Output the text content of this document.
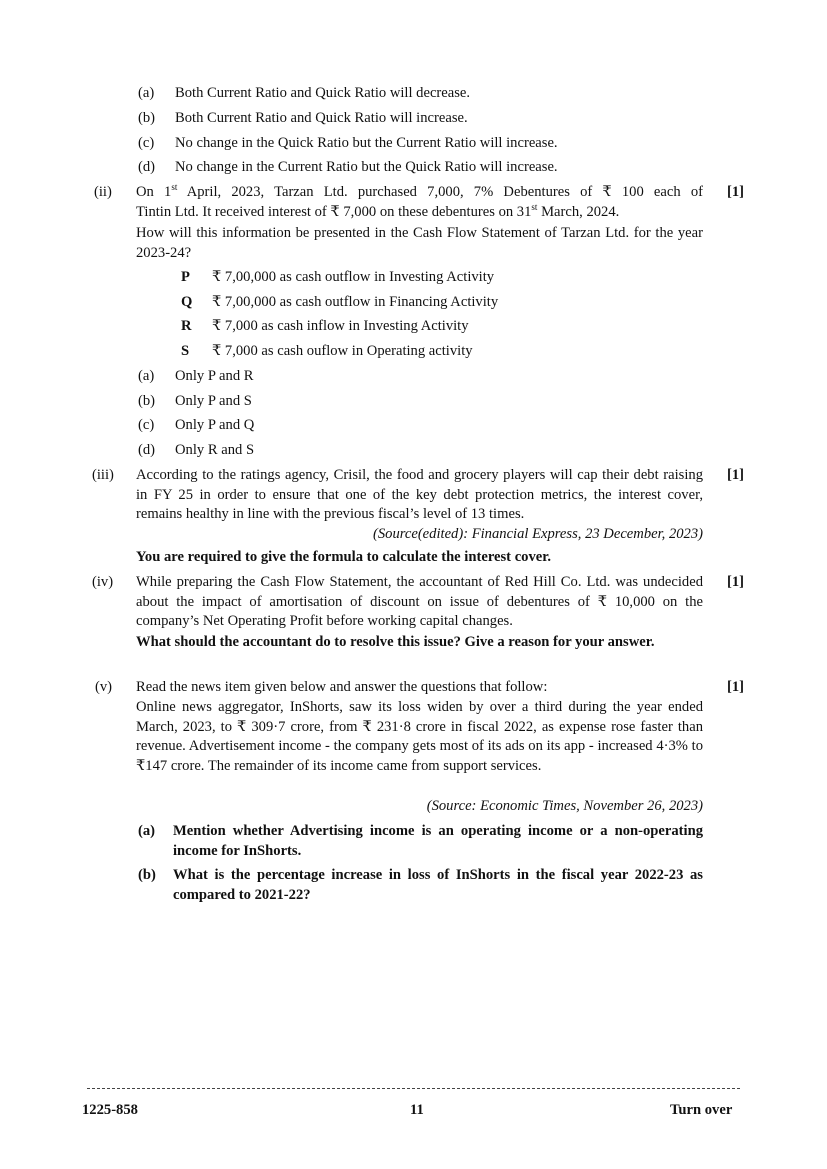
(a) Both Current Ratio and Quick Ratio will decrease.
(b) Both Current Ratio and Quick Ratio will increase.
(c) No change in the Quick Ratio but the Current Ratio will increase.
(d) No change in the Current Ratio but the Quick Ratio will increase.
(ii)	[1]
On 1st April, 2023, Tarzan Ltd. purchased 7,000, 7% Debentures of ₹ 100 each of
Tintin Ltd. It received interest of ₹ 7,000 on these debentures on 31st March, 2024.
How will this information be presented in the Cash Flow Statement of Tarzan Ltd. for the year 2023-24?
P ₹ 7,00,000 as cash outflow in Investing Activity
Q ₹ 7,00,000 as cash outflow in Financing Activity
R ₹ 7,000 as cash inflow in Investing Activity
S ₹ 7,000 as cash ouflow in Operating activity
(a) Only P and R
(b) Only P and S
(c) Only P and Q
(d) Only R and S
(iii)	[1]
According to the ratings agency, Crisil, the food and grocery players will cap their debt raising in FY 25 in order to ensure that one of the key debt protection metrics, the interest cover, remains healthy in line with the previous fiscal’s level of 13 times.
(Source(edited): Financial Express, 23 December, 2023)
You are required to give the formula to calculate the interest cover.
(iv)	[1]
While preparing the Cash Flow Statement, the accountant of Red Hill Co. Ltd. was undecided about the impact of amortisation of discount on issue of debentures of ₹ 10,000 on the company’s Net Operating Profit before working capital changes.
What should the accountant do to resolve this issue? Give a reason for your answer.
(v)	[1]
Read the news item given below and answer the questions that follow:
Online news aggregator, InShorts, saw its loss widen by over a third during the year ended March, 2023, to ₹ 309·7 crore, from ₹ 231·8 crore in fiscal 2022, as expense rose faster than revenue. Advertisement income - the company gets most of its ads on its app - increased 4·3% to ₹147 crore. The remainder of its income came from support services.
(Source: Economic Times, November 26, 2023)
(a) Mention whether Advertising income is an operating income or a non-operating income for InShorts.
(b) What is the percentage increase in loss of InShorts in the fiscal year 2022-23 as compared to 2021-22?
1225-858	11	Turn over
